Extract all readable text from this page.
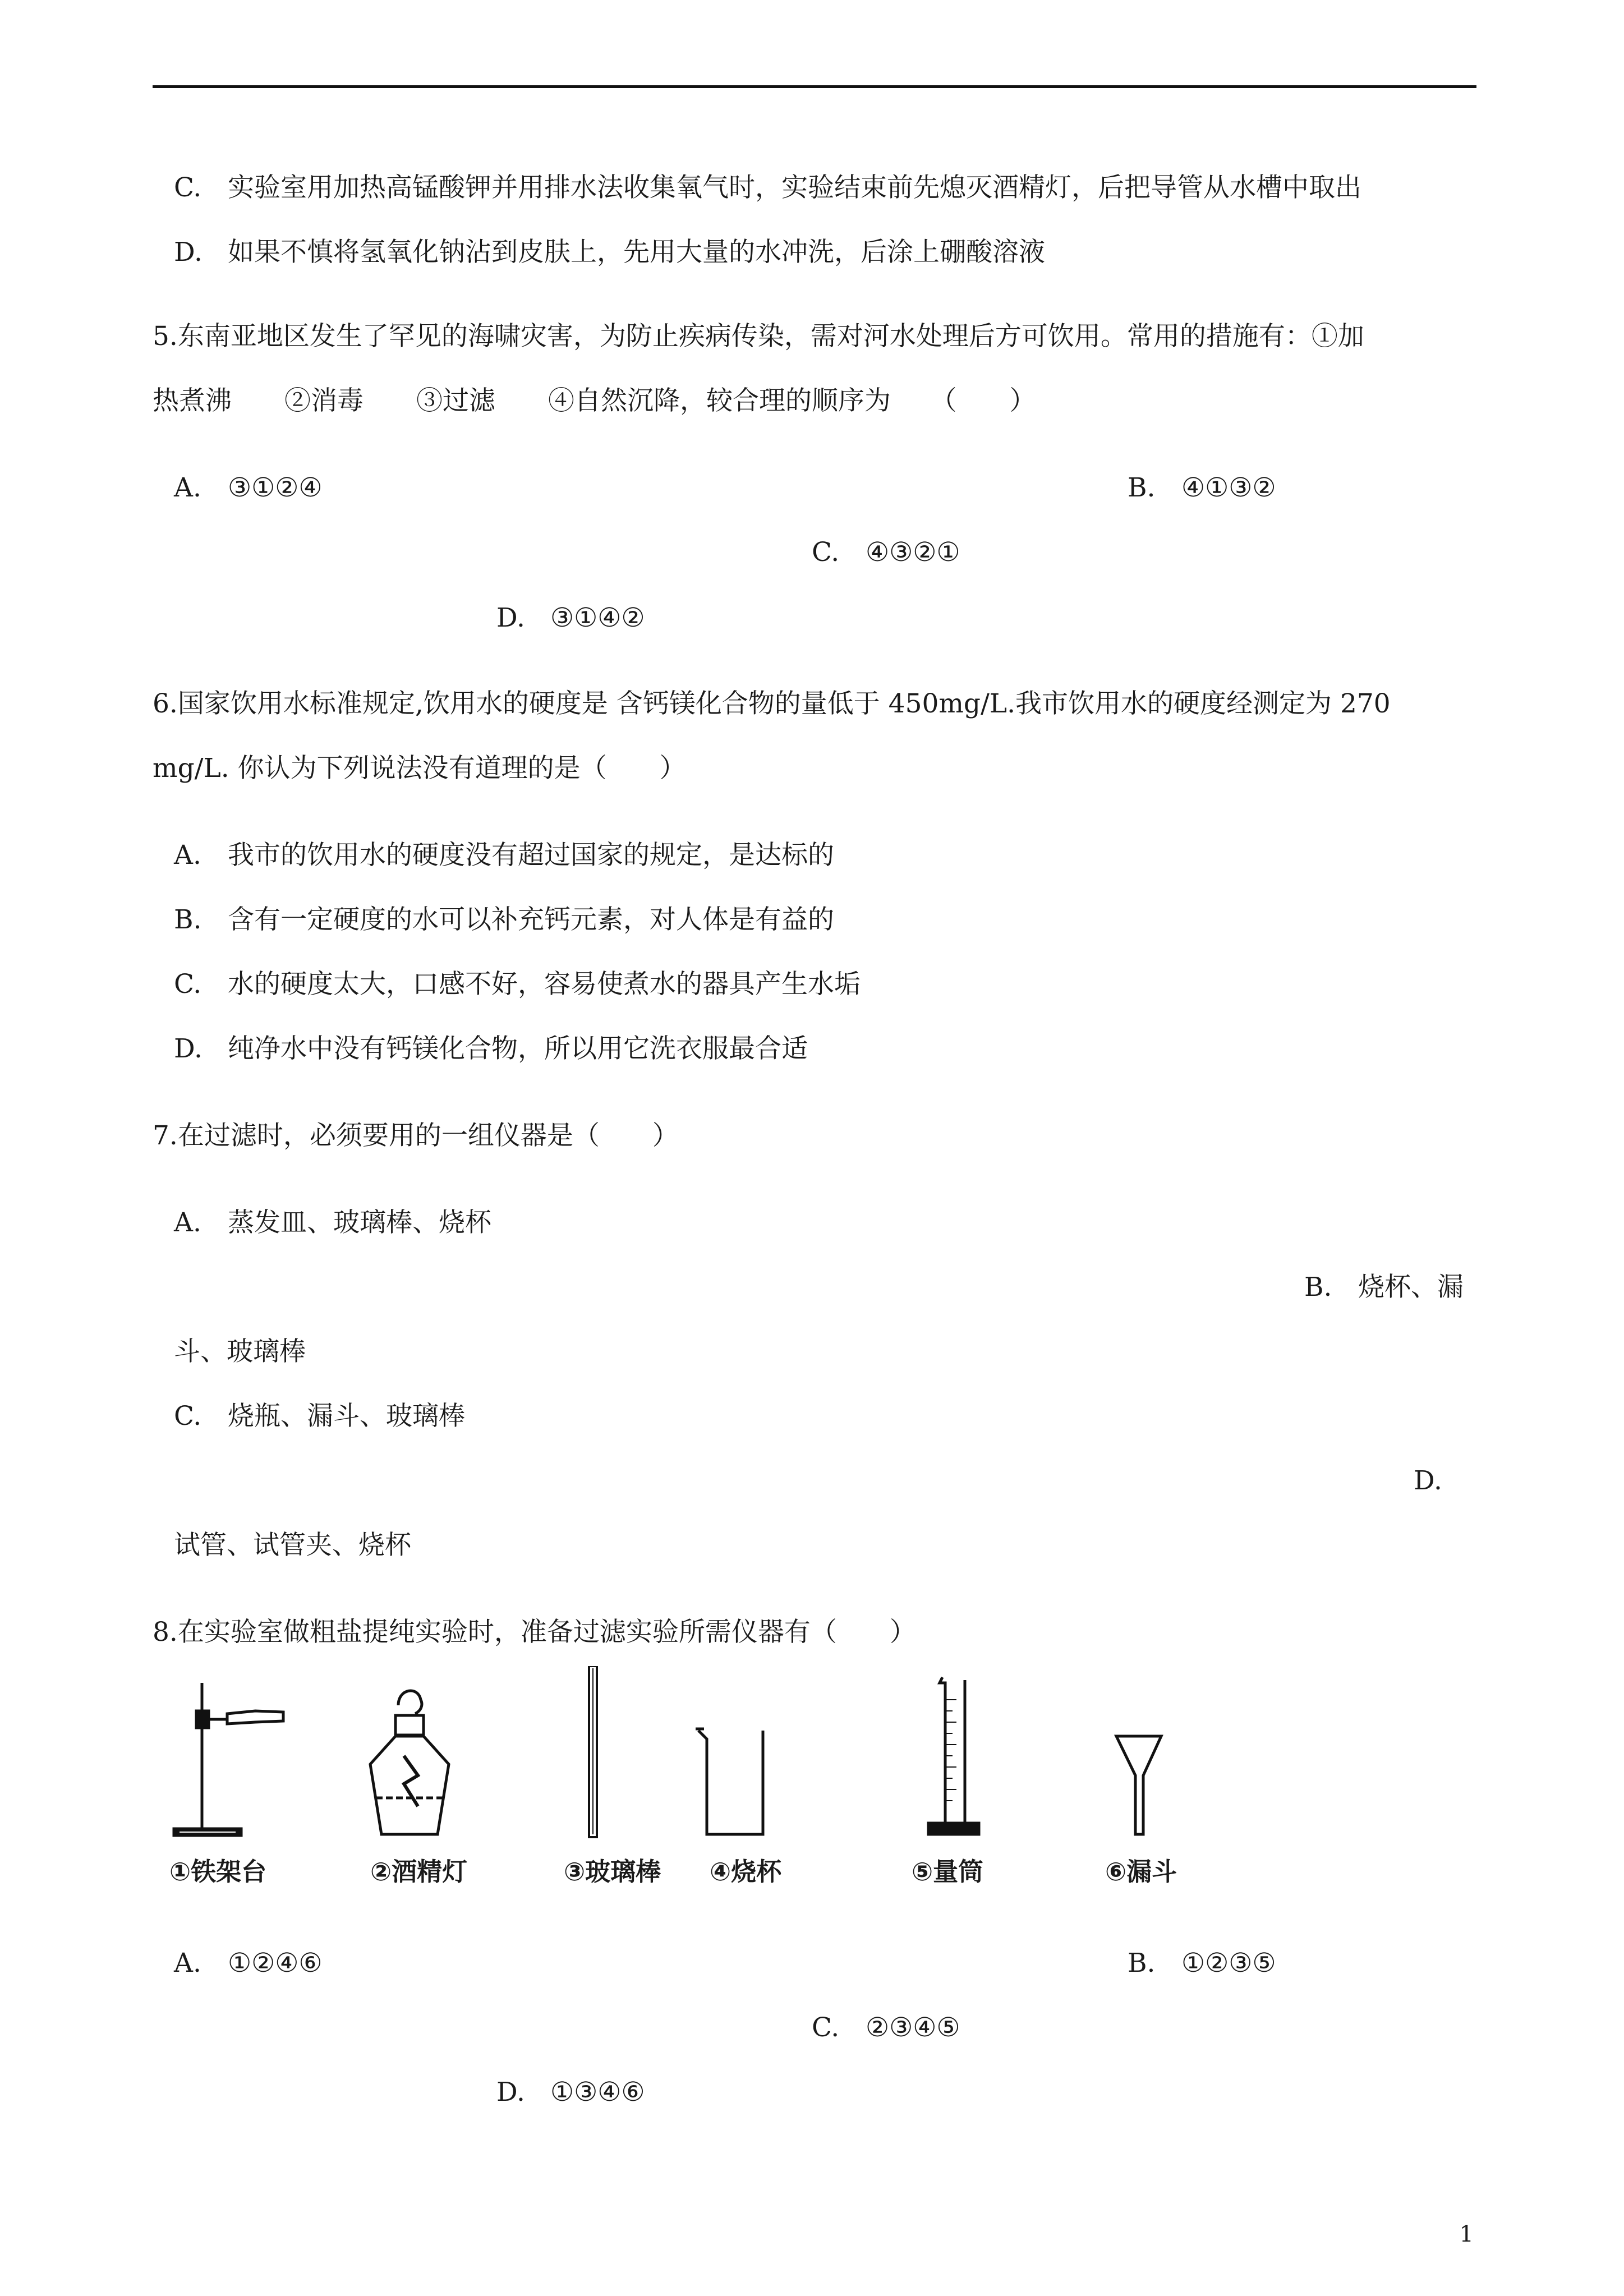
C. 实验室用加热高锰酸钾并用排水法收集氧气时，实验结束前先熄灭酒精灯，后把导管从水槽中取出
D. 如果不慎将氢氧化钠沾到皮肤上，先用大量的水冲洗，后涂上硼酸溶液
5.东南亚地区发生了罕见的海啸灾害，为防止疾病传染，需对河水处理后方可饮用。常用的措施有：①加
热煮沸　　②消毒　　③过滤　　④自然沉降，较合理的顺序为　　（　　）
A. ③①②④	B. ④①③②
C. ④③②①
D. ③①④②
6.国家饮用水标准规定,饮用水的硬度是 含钙镁化合物的量低于 450mg/L.我市饮用水的硬度经测定为 270
mg/L. 你认为下列说法没有道理的是（　　）
A. 我市的饮用水的硬度没有超过国家的规定，是达标的
B. 含有一定硬度的水可以补充钙元素，对人体是有益的
C. 水的硬度太大，口感不好，容易使煮水的器具产生水垢
D. 纯净水中没有钙镁化合物，所以用它洗衣服最合适
7.在过滤时，必须要用的一组仪器是（　　）
A. 蒸发皿、玻璃棒、烧杯
B. 烧杯、漏
斗、玻璃棒
C. 烧瓶、漏斗、玻璃棒
D.
试管、试管夹、烧杯
8.在实验室做粗盐提纯实验时，准备过滤实验所需仪器有（　　）
①铁架台	②酒精灯	③玻璃棒 ④烧杯	⑤量筒	⑥漏斗
A. ①②④⑥	B. ①②③⑤
C. ②③④⑤
D. ①③④⑥
1
